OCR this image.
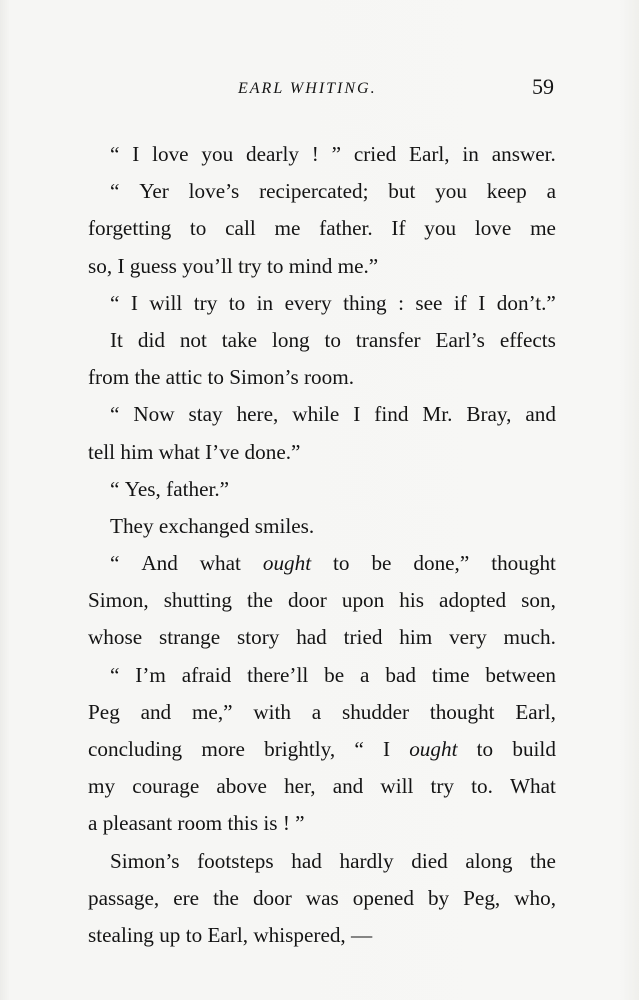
EARL WHITING.	59
“ I love you dearly ! ” cried Earl, in answer.
“ Yer love’s recipercated; but you keep a
forgetting to call me father. If you love me
so,
I
guess
you’ll
try
to
mind
me.”
“ I will try to in every thing : see if I don’t.”
It did not take long to transfer Earl’s effects
from
the
attic
to
Simon’s
room.
“ Now stay here, while I find Mr. Bray, and
tell
him
what
I’ve
done.”
“
Yes,
father.”
They
exchanged
smiles.
“ And what ought to be done,” thought
Simon, shutting the door upon his adopted son,
whose strange story had tried him very much.
“ I’m afraid there’ll be a bad time between
Peg and me,” with a shudder thought Earl,
concluding more brightly, “ I ought to build
my courage above her, and will try to. What
a
pleasant
room
this
is
!
”
Simon’s footsteps had hardly died along the
passage, ere the door was opened by Peg, who,
stealing
up
to
Earl,
whispered,
—
